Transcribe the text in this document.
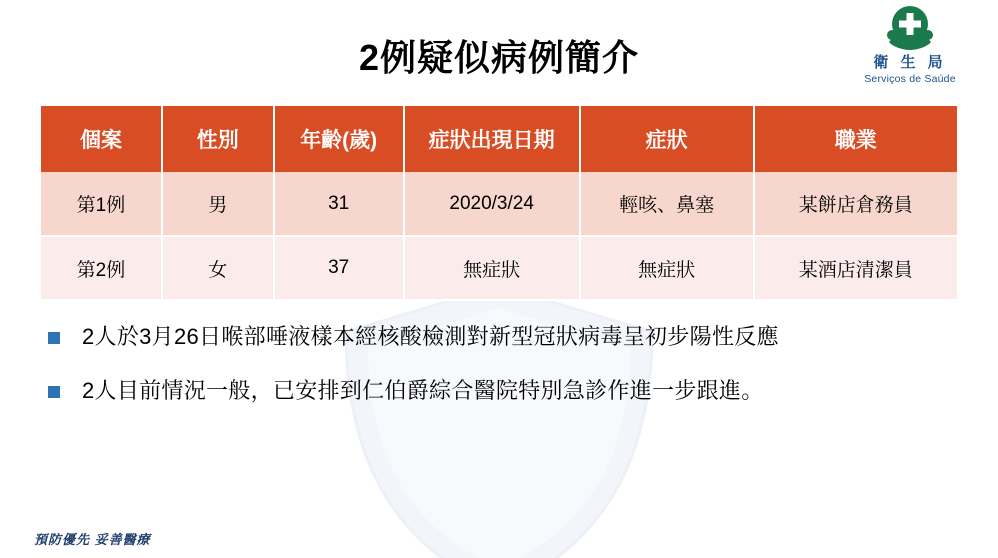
衛 生 局
Serviços de Saúde
2例疑似病例簡介
個案	性別	年齡(歲)	症狀出現日期	症狀	職業
第1例	男	31	2020/3/24	輕咳、鼻塞	某餅店倉務員
第2例	女	37	無症狀	無症狀	某酒店清潔員
2人於3月26日喉部唾液樣本經核酸檢測對新型冠狀病毒呈初步陽性反應
2人目前情況一般，已安排到仁伯爵綜合醫院特別急診作進一步跟進。
預防優先 妥善醫療
